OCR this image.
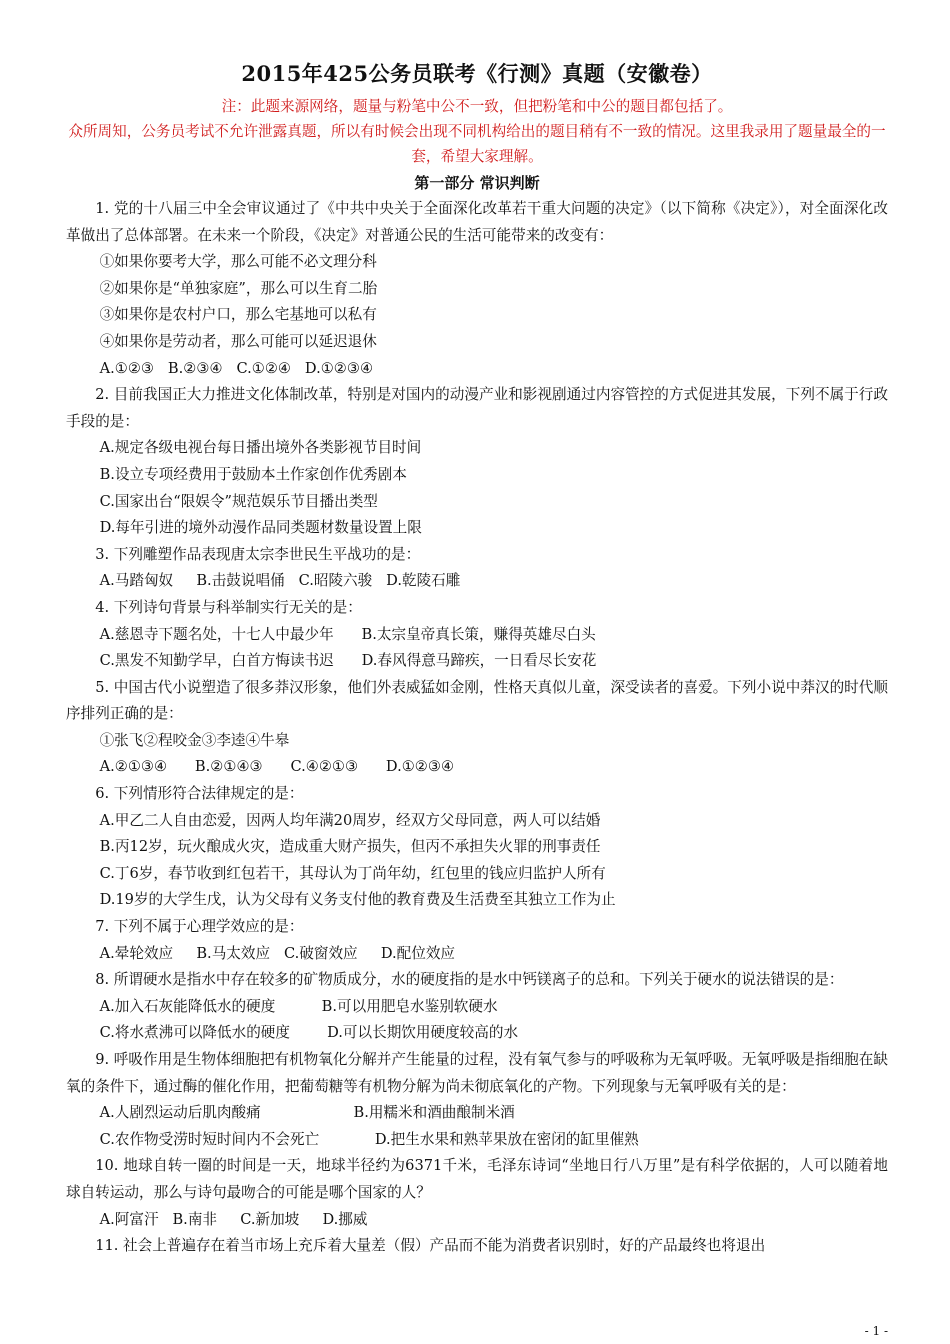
2015年425公务员联考《行测》真题（安徽卷）
注：此题来源网络，题量与粉笔中公不一致，但把粉笔和中公的题目都包括了。
众所周知，公务员考试不允许泄露真题，所以有时候会出现不同机构给出的题目稍有不一致的情况。这里我录用了题量最全的一套，希望大家理解。
第一部分 常识判断
1. 党的十八届三中全会审议通过了《中共中央关于全面深化改革若干重大问题的决定》（以下简称《决定》），对全面深化改革做出了总体部署。在未来一个阶段，《决定》对普通公民的生活可能带来的改变有：
①如果你要考大学，那么可能不必文理分科
②如果你是“单独家庭”，那么可以生育二胎
③如果你是农村户口，那么宅基地可以私有
④如果你是劳动者，那么可能可以延迟退休
A.①②③   B.②③④   C.①②④   D.①②③④
2. 目前我国正大力推进文化体制改革，特别是对国内的动漫产业和影视剧通过内容管控的方式促进其发展，下列不属于行政手段的是：
A.规定各级电视台每日播出境外各类影视节目时间
B.设立专项经费用于鼓励本土作家创作优秀剧本
C.国家出台“限娱令”规范娱乐节目播出类型
D.每年引进的境外动漫作品同类题材数量设置上限
3. 下列雕塑作品表现唐太宗李世民生平战功的是：
A.马踏匈奴     B.击鼓说唱俑   C.昭陵六骏   D.乾陵石雕
4. 下列诗句背景与科举制实行无关的是：
A.慈恩寺下题名处，十七人中最少年      B.太宗皇帝真长策，赚得英雄尽白头
C.黑发不知勤学早，白首方悔读书迟      D.春风得意马蹄疾，一日看尽长安花
5. 中国古代小说塑造了很多莽汉形象，他们外表威猛如金刚，性格天真似儿童，深受读者的喜爱。下列小说中莽汉的时代顺序排列正确的是：
①张飞②程咬金③李逵④牛皋
A.②①③④      B.②①④③      C.④②①③      D.①②③④
6. 下列情形符合法律规定的是：
A.甲乙二人自由恋爱，因两人均年满20周岁，经双方父母同意，两人可以结婚
B.丙12岁，玩火酿成火灾，造成重大财产损失，但丙不承担失火罪的刑事责任
C.丁6岁，春节收到红包若干，其母认为丁尚年幼，红包里的钱应归监护人所有
D.19岁的大学生戊，认为父母有义务支付他的教育费及生活费至其独立工作为止
7. 下列不属于心理学效应的是：
A.晕轮效应     B.马太效应   C.破窗效应     D.配位效应
8. 所谓硬水是指水中存在较多的矿物质成分，水的硬度指的是水中钙镁离子的总和。下列关于硬水的说法错误的是：
A.加入石灰能降低水的硬度          B.可以用肥皂水鉴别软硬水
C.将水煮沸可以降低水的硬度        D.可以长期饮用硬度较高的水
9. 呼吸作用是生物体细胞把有机物氧化分解并产生能量的过程，没有氧气参与的呼吸称为无氧呼吸。无氧呼吸是指细胞在缺氧的条件下，通过酶的催化作用，把葡萄糖等有机物分解为尚未彻底氧化的产物。下列现象与无氧呼吸有关的是：
A.人剧烈运动后肌肉酸痛                    B.用糯米和酒曲酿制米酒
C.农作物受涝时短时间内不会死亡            D.把生水果和熟苹果放在密闭的缸里催熟
10. 地球自转一圈的时间是一天，地球半径约为6371千米，毛泽东诗词“坐地日行八万里”是有科学依据的，人可以随着地球自转运动，那么与诗句最吻合的可能是哪个国家的人？
A.阿富汗   B.南非     C.新加坡     D.挪威
11. 社会上普遍存在着当市场上充斥着大量差（假）产品而不能为消费者识别时，好的产品最终也将退出
- 1 -
